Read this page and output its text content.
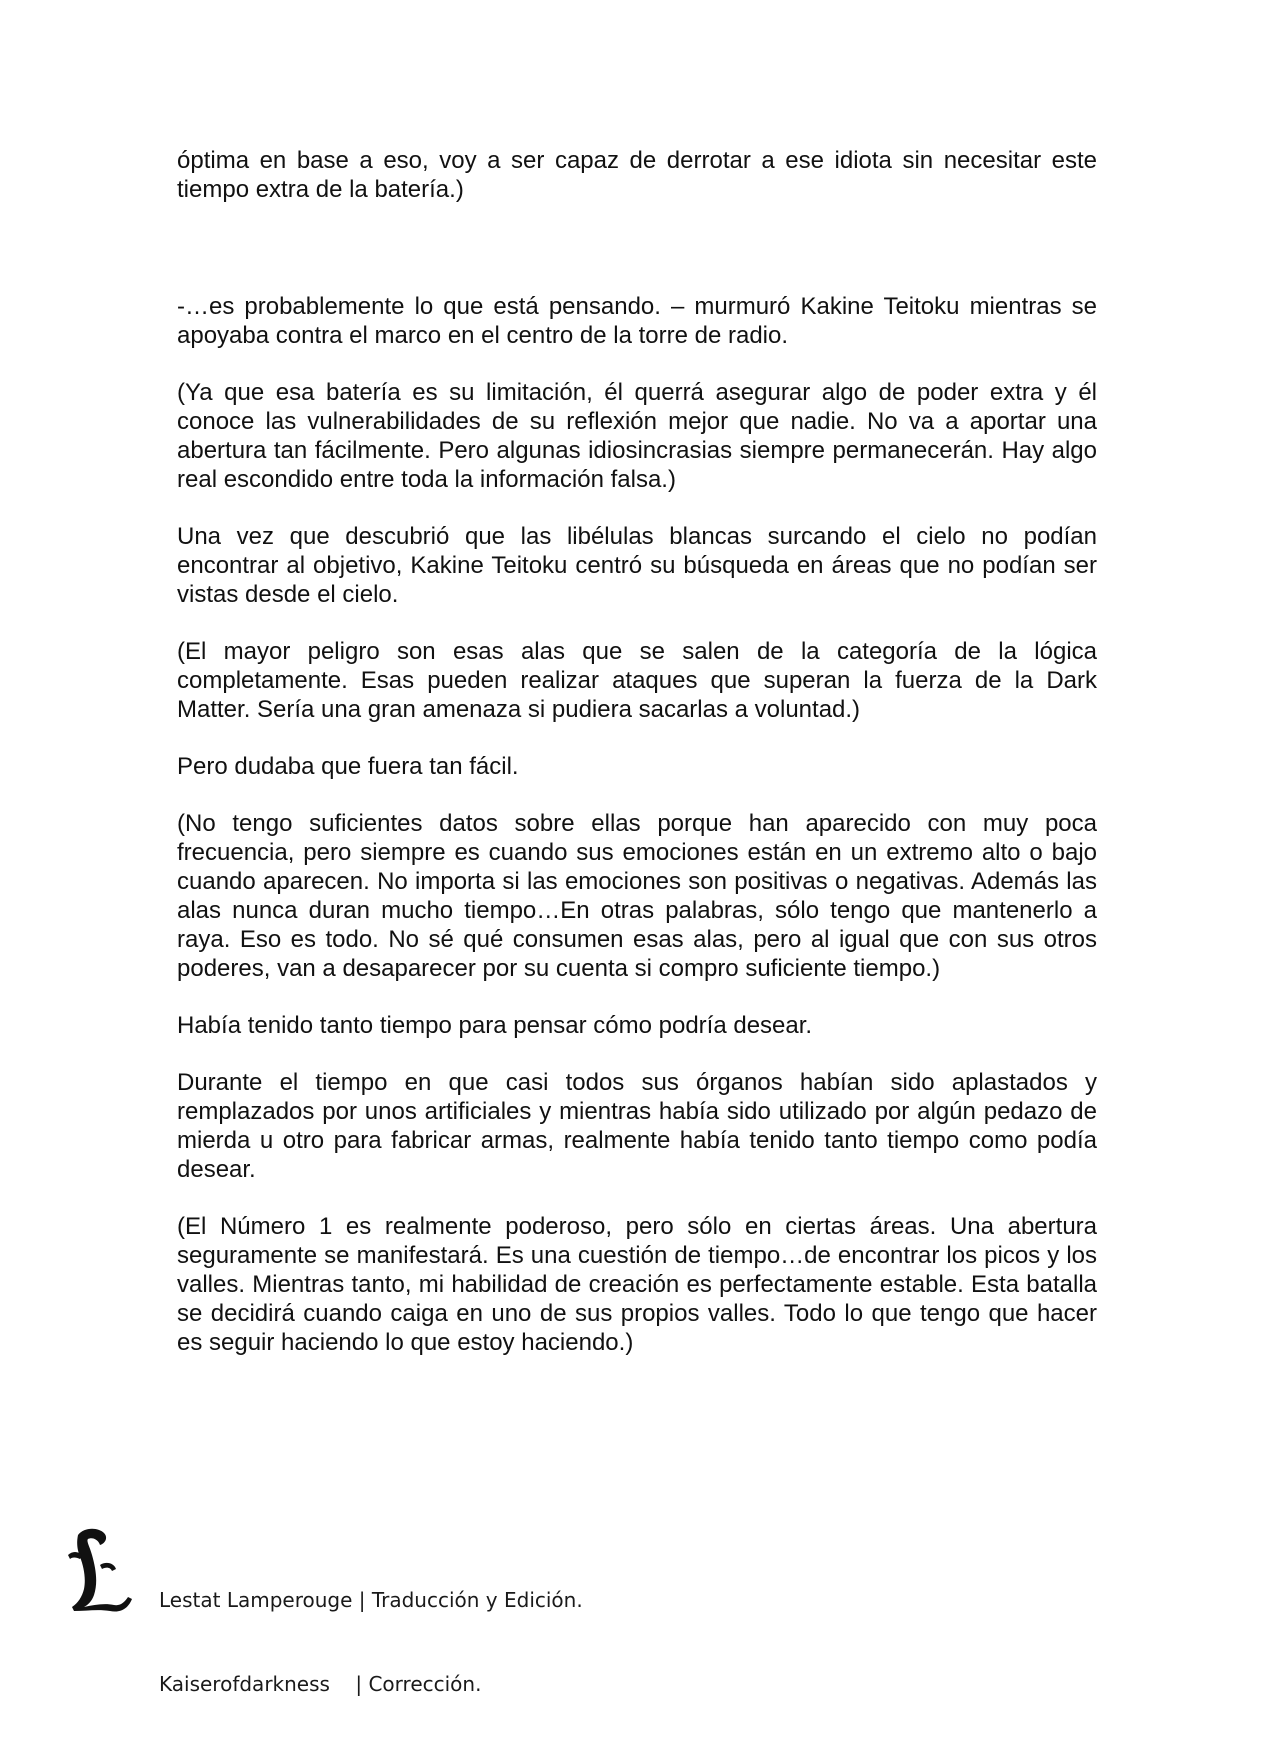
óptima en base a eso, voy a ser capaz de derrotar a ese idiota sin necesitar este tiempo extra de la batería.)

-…es probablemente lo que está pensando. – murmuró Kakine Teitoku mientras se apoyaba contra el marco en el centro de la torre de radio.

(Ya que esa batería es su limitación, él querrá asegurar algo de poder extra y él conoce las vulnerabilidades de su reflexión mejor que nadie. No va a aportar una abertura tan fácilmente. Pero algunas idiosincrasias siempre permanecerán. Hay algo real escondido entre toda la información falsa.)

Una vez que descubrió que las libélulas blancas surcando el cielo no podían encontrar al objetivo, Kakine Teitoku centró su búsqueda en áreas que no podían ser vistas desde el cielo.

(El mayor peligro son esas alas que se salen de la categoría de la lógica completamente. Esas pueden realizar ataques que superan la fuerza de la Dark Matter. Sería una gran amenaza si pudiera sacarlas a voluntad.)

Pero dudaba que fuera tan fácil.

(No tengo suficientes datos sobre ellas porque han aparecido con muy poca frecuencia, pero siempre es cuando sus emociones están en un extremo alto o bajo cuando aparecen. No importa si las emociones son positivas o negativas. Además las alas nunca duran mucho tiempo…En otras palabras, sólo tengo que mantenerlo a raya. Eso es todo. No sé qué consumen esas alas, pero al igual que con sus otros poderes, van a desaparecer por su cuenta si compro suficiente tiempo.)

Había tenido tanto tiempo para pensar cómo podría desear.

Durante el tiempo en que casi todos sus órganos habían sido aplastados y remplazados por unos artificiales y mientras había sido utilizado por algún pedazo de mierda u otro para fabricar armas, realmente había tenido tanto tiempo como podía desear.

(El Número 1 es realmente poderoso, pero sólo en ciertas áreas. Una abertura seguramente se manifestará. Es una cuestión de tiempo…de encontrar los picos y los valles. Mientras tanto, mi habilidad de creación es perfectamente estable. Esta batalla se decidirá cuando caiga en uno de sus propios valles. Todo lo que tengo que hacer es seguir haciendo lo que estoy haciendo.)

Lestat Lamperouge | Traducción y Edición.

Kaiserofdarkness    | Corrección.
